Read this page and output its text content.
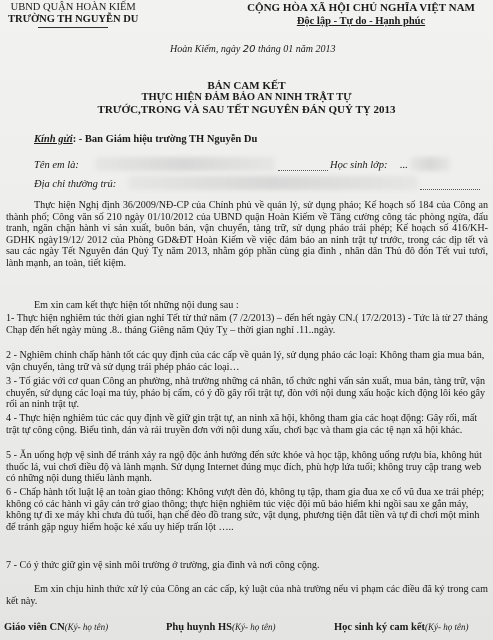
UBND QUẬN HOÀN KIẾM
TRƯỜNG TH NGUYỄN DU
CỘNG HÒA XÃ HỘI CHỦ NGHĨA VIỆT NAM
Độc lập - Tự do - Hạnh phúc
Hoàn Kiếm, ngày 20 tháng 01 năm 2013
BẢN CAM KẾT
THỰC HIỆN ĐẢM BẢO AN NINH TRẬT TỰ
TRƯỚC,TRONG VÀ SAU TẾT NGUYÊN ĐÁN QUÝ TỴ 2013
Kính gửi: - Ban Giám hiệu trường TH Nguyễn Du
Tên em là:	Học sinh lớp: ...
Địa chỉ thường trú:
Thực hiện Nghị định 36/2009/NĐ-CP của Chính phủ về quản lý, sử dụng pháo; Kế hoạch số 184 của Công an thành phố; Công văn số 210 ngày 01/10/2012 của UBND quận Hoàn Kiếm về Tăng cường công tác phòng ngừa, đấu tranh, ngăn chặn hành vi sản xuất, buôn bán, vận chuyển, tàng trữ, sử dụng pháo trái phép; Kế hoạch số 416/KH-GDHK ngày19/12/ 2012 của Phòng GD&ĐT Hoàn Kiếm về việc đảm bảo an ninh trật tự trước, trong các dịp tết và sau các ngày Tết Nguyên đán Quý Tỵ năm 2013, nhằm góp phần cùng gia đình , nhân dân Thủ đô đón Tết vui tươi, lành mạnh, an toàn, tiết kiệm.
Em xin cam kết thực hiện tốt những nội dung sau :
1- Thực hiện nghiêm túc thời gian nghỉ Tết từ thứ năm (7 /2/2013) – đến hết ngày CN.( 17/2/2013) - Tức là từ 27 tháng Chạp đến hết ngày mùng .8.. tháng Giêng năm Qúy Tỵ – thời gian nghỉ .11..ngày.
2 - Nghiêm chỉnh chấp hành tốt các quy định của các cấp về quản lý, sử dụng pháo các loại: Không tham gia mua bán, vận chuyển, tàng trữ và sử dụng trái phép pháo các loại…
3 - Tố giác với cơ quan Công an phường, nhà trường những cá nhân, tổ chức nghi vấn sản xuất, mua bán, tàng trữ, vận chuyển, sử dụng các loại ma túy, pháo bị cấm, có ý đồ gây rối trật tự, đòn với nội dung xấu hoặc kích động lôi kéo gây rối an ninh trật tự.
4 - Thực hiện nghiêm túc các quy định về giữ gìn trật tự, an ninh xã hội, không tham gia các hoạt động: Gây rối, mất trật tự công cộng. Biểu tình, dán và rải truyền đơn với nội dung xấu, chơi bạc và tham gia các tệ nạn xã hội khác.
5 - Ăn uống hợp vệ sinh để tránh xảy ra ngộ độc ảnh hưởng đến sức khỏe và học tập, không uống rượu bia, không hút thuốc lá, vui chơi điều độ và lành mạnh. Sử dụng Internet đúng mục đích, phù hợp lứa tuổi; không truy cập trang web có những nội dung thiếu lành mạnh.
6 - Chấp hành tốt luật lệ an toàn giao thông: Không vượt đèn đỏ, không tụ tập, tham gia đua xe cổ vũ đua xe trái phép; không có các hành vi gây cản trở giao thông; thực hiện nghiêm túc việc đội mũ bảo hiểm khi ngồi sau xe gắn máy, không tự đi xe máy khi chưa đủ tuổi, hạn chế đèo đồ trang sức, vật dụng, phương tiện đắt tiền và tự đi chơi một mình để tránh gặp nguy hiểm hoặc kẻ xấu uy hiếp trấn lột …..
7 - Có ý thức giữ gìn vệ sinh môi trường ở trường, gia đình và nơi công cộng.
Em xin chịu hình thức xử lý của Công an các cấp, kỷ luật của nhà trường nếu vi phạm các điều đã ký trong cam kết này.
Giáo viên CN(Ký- họ tên)	Phụ huynh HS(Ký- họ tên)	Học sinh ký cam kết(Ký- họ tên)
